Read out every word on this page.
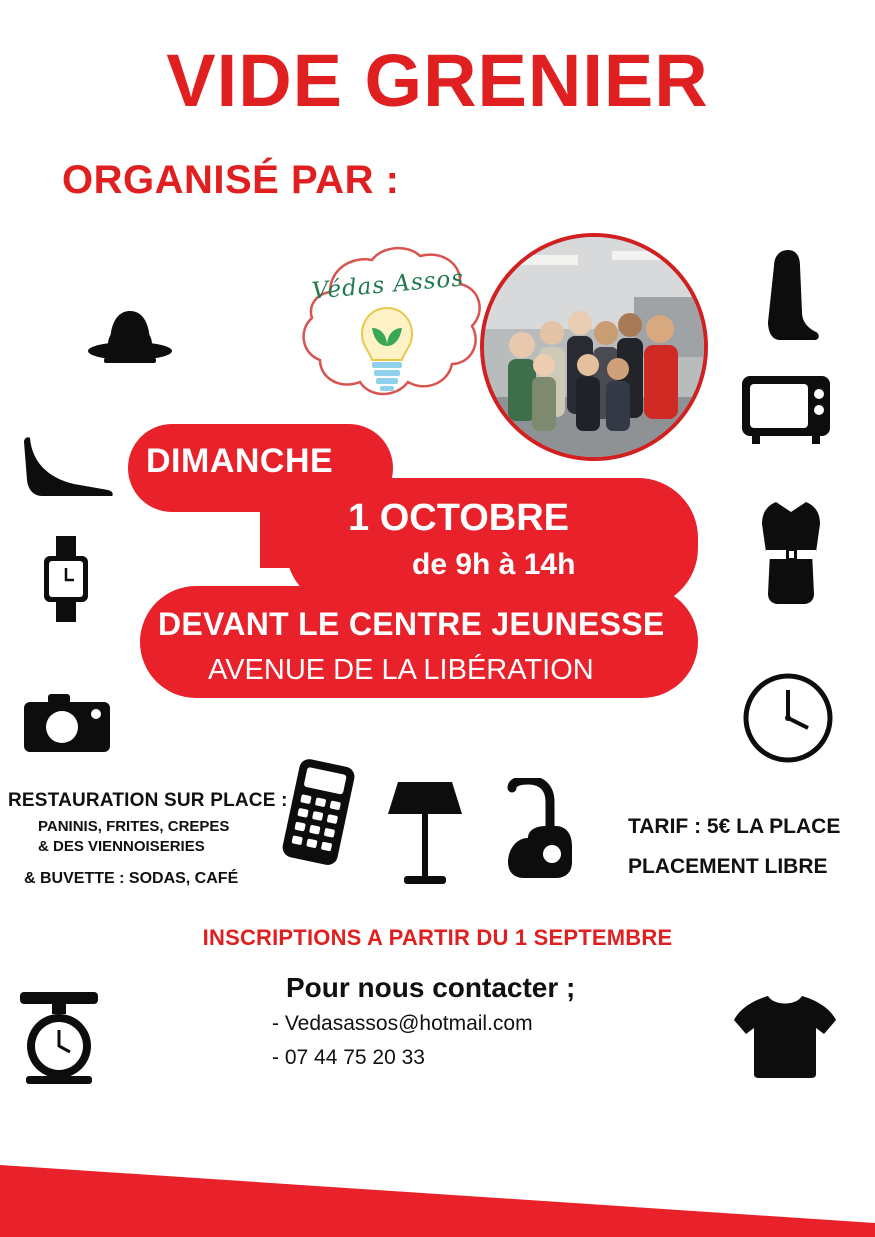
VIDE GRENIER
ORGANISÉ PAR :
Védas Assos
DIMANCHE
1 OCTOBRE
de 9h à 14h
DEVANT LE CENTRE JEUNESSE
AVENUE DE LA LIBÉRATION
RESTAURATION SUR PLACE :
PANINIS, FRITES, CREPES
& DES VIENNOISERIES
& BUVETTE : SODAS, CAFÉ
TARIF : 5€ LA PLACE
PLACEMENT LIBRE
INSCRIPTIONS A PARTIR DU 1 SEPTEMBRE
Pour nous contacter ;
- Vedasassos@hotmail.com
- 07 44 75 20 33
